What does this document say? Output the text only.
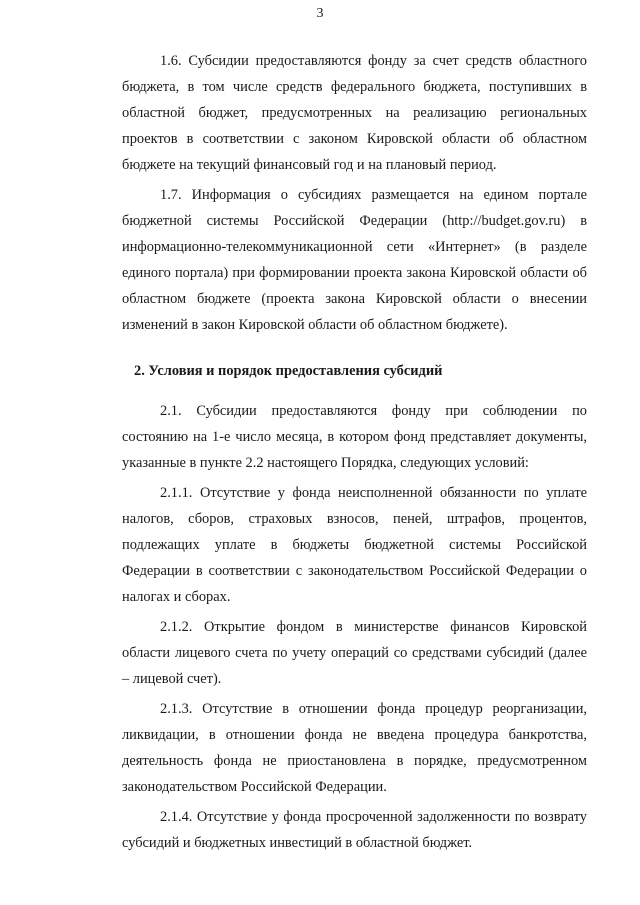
3

1.6. Субсидии предоставляются фонду за счет средств областного бюджета, в том числе средств федерального бюджета, поступивших в областной бюджет, предусмотренных на реализацию региональных проектов в соответствии с законом Кировской области об областном бюджете на текущий финансовый год и на плановый период.

1.7. Информация о субсидиях размещается на едином портале бюджетной системы Российской Федерации (http://budget.gov.ru) в информационно-телекоммуникационной сети «Интернет» (в разделе единого портала) при формировании проекта закона Кировской области об областном бюджете (проекта закона Кировской области о внесении изменений в закон Кировской области об областном бюджете).

2. Условия и порядок предоставления субсидий

2.1. Субсидии предоставляются фонду при соблюдении по состоянию на 1-е число месяца, в котором фонд представляет документы, указанные в пункте 2.2 настоящего Порядка, следующих условий:

2.1.1. Отсутствие у фонда неисполненной обязанности по уплате налогов, сборов, страховых взносов, пеней, штрафов, процентов, подлежащих уплате в бюджеты бюджетной системы Российской Федерации в соответствии с законодательством Российской Федерации о налогах и сборах.

2.1.2. Открытие фондом в министерстве финансов Кировской области лицевого счета по учету операций со средствами субсидий (далее – лицевой счет).

2.1.3. Отсутствие в отношении фонда процедур реорганизации, ликвидации, в отношении фонда не введена процедура банкротства, деятельность фонда не приостановлена в порядке, предусмотренном законодательством Российской Федерации.

2.1.4. Отсутствие у фонда просроченной задолженности по возврату субсидий и бюджетных инвестиций в областной бюджет.
